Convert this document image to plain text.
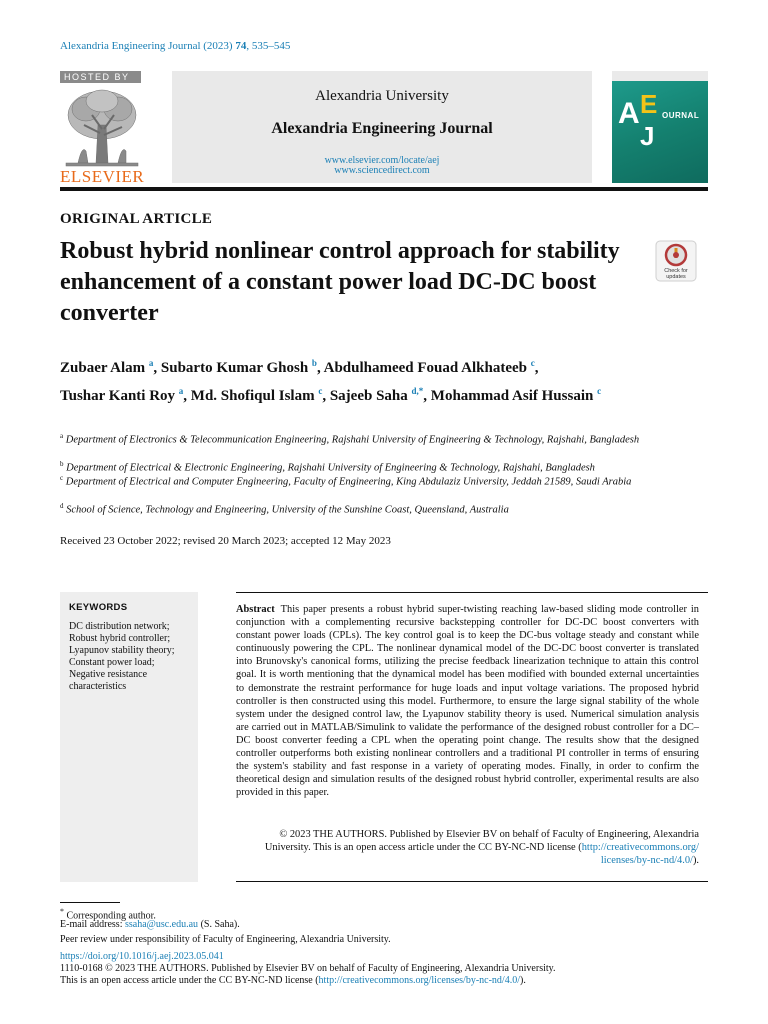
Alexandria Engineering Journal (2023) 74, 535–545
HOSTED BY
ELSEVIER
Alexandria University
Alexandria Engineering Journal
www.elsevier.com/locate/aej
www.sciencedirect.com
A E
J
OURNAL
ORIGINAL ARTICLE
Robust hybrid nonlinear control approach for stability enhancement of a constant power load DC-DC boost converter
Check for
updates
Zubaer Alam $^a$, Subarto Kumar Ghosh $^b$, Abdulhameed Fouad Alkhateeb $^c$,
Tushar Kanti Roy $^a$, Md. Shofiqul Islam $^c$, Sajeeb Saha $^{d,*}$, Mohammad Asif Hussain $^c$
$^a$ Department of Electronics & Telecommunication Engineering, Rajshahi University of Engineering & Technology, Rajshahi, Bangladesh
$^b$ Department of Electrical & Electronic Engineering, Rajshahi University of Engineering & Technology, Rajshahi, Bangladesh
$^c$ Department of Electrical and Computer Engineering, Faculty of Engineering, King Abdulaziz University, Jeddah 21589, Saudi Arabia
$^d$ School of Science, Technology and Engineering, University of the Sunshine Coast, Queensland, Australia
Received 23 October 2022; revised 20 March 2023; accepted 12 May 2023
KEYWORDS
DC distribution network;
Robust hybrid controller;
Lyapunov stability theory;
Constant power load;
Negative resistance
characteristics
Abstract This paper presents a robust hybrid super-twisting reaching law-based sliding mode controller in conjunction with a complementing recursive backstepping controller for DC-DC boost converters with constant power loads (CPLs). The key control goal is to keep the DC-bus voltage steady and constant while continuously powering the CPL. The nonlinear dynamical model of the DC-DC boost converter is translated into Brunovsky's canonical forms, utilizing the precise feedback linearization technique to attain this control goal. It is worth mentioning that the dynamical model has been modified with bounded external uncertainties to demonstrate the restraint performance for huge loads and input voltage variations. The proposed hybrid controller is then constructed using this model. Furthermore, to ensure the large signal stability of the whole system under the designed control law, the Lyapunov stability theory is used. Numerical simulation analysis are carried out in MATLAB/Simulink to validate the performance of the designed robust controller for a DC–DC boost converter feeding a CPL when the operating point change. The results show that the designed controller outperforms both existing nonlinear controllers and a traditional PI controller in terms of ensuring the system's stability and fast response in a variety of operating modes. Finally, in order to confirm the theoretical design and simulation results of the designed robust hybrid controller, experimental results are also provided in this paper.
© 2023 THE AUTHORS. Published by Elsevier BV on behalf of Faculty of Engineering, Alexandria
University. This is an open access article under the CC BY-NC-ND license (http://creativecommons.org/
licenses/by-nc-nd/4.0/).
* Corresponding author.
E-mail address: ssaha@usc.edu.au (S. Saha).
Peer review under responsibility of Faculty of Engineering, Alexandria University.
https://doi.org/10.1016/j.aej.2023.05.041
1110-0168 © 2023 THE AUTHORS. Published by Elsevier BV on behalf of Faculty of Engineering, Alexandria University.
This is an open access article under the CC BY-NC-ND license (http://creativecommons.org/licenses/by-nc-nd/4.0/).
